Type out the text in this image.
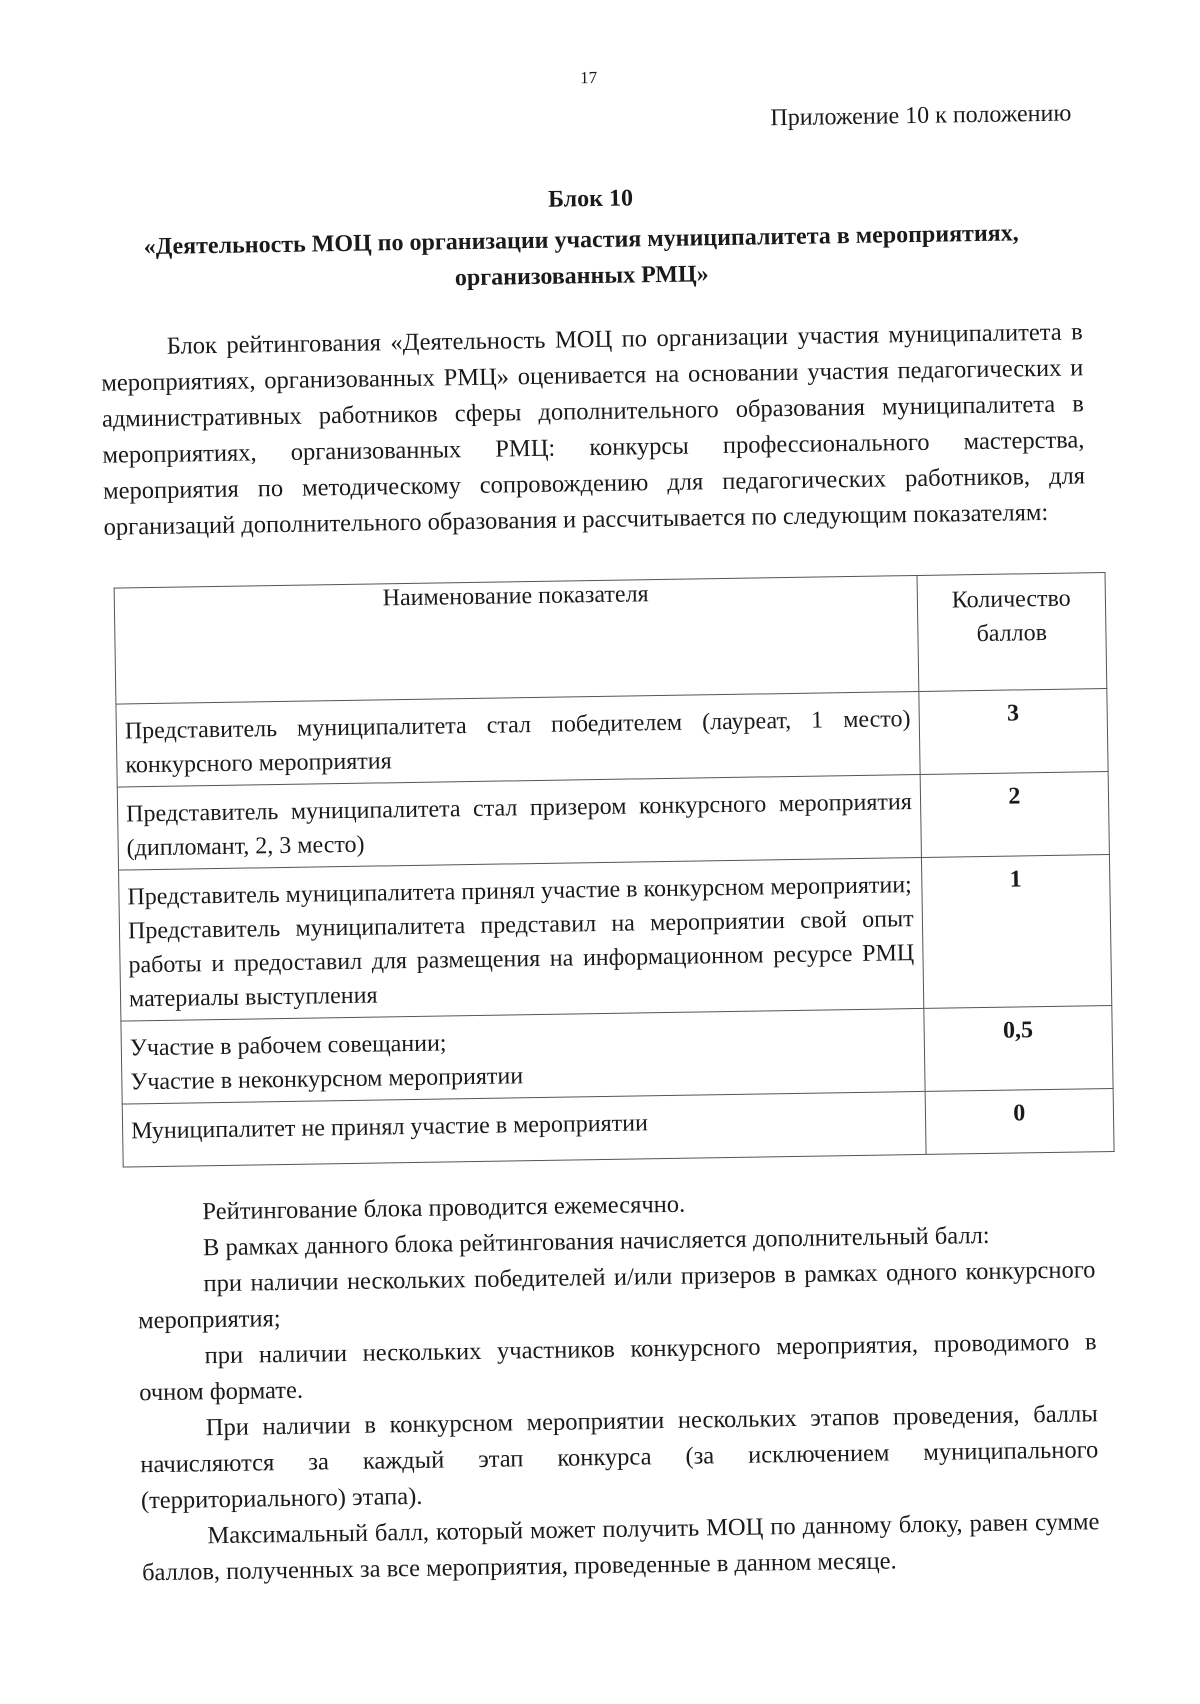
17
Приложение 10 к положению
Блок 10
«Деятельность МОЦ по организации участия муниципалитета в мероприятиях, организованных РМЦ»

Блок рейтингования «Деятельность МОЦ по организации участия муниципалитета в мероприятиях, организованных РМЦ» оценивается на основании участия педагогических и административных работников сферы дополнительного образования муниципалитета в мероприятиях, организованных РМЦ: конкурсы профессионального мастерства, мероприятия по методическому сопровождению для педагогических работников, для организаций дополнительного образования и рассчитывается по следующим показателям:

Наименование показателя	Количество баллов

Представитель муниципалитета стал победителем (лауреат, 1 место) конкурсного мероприятия	3

Представитель муниципалитета стал призером конкурсного мероприятия (дипломант, 2, 3 место)	2

Представитель муниципалитета принял участие в конкурсном мероприятии;
Представитель муниципалитета представил на мероприятии свой опыт работы и предоставил для размещения на информационном ресурсе РМЦ материалы выступления	1

Участие в рабочем совещании;
Участие в неконкурсном мероприятии	0,5

Муниципалитет не принял участие в мероприятии	0

Рейтингование блока проводится ежемесячно.

В рамках данного блока рейтингования начисляется дополнительный балл:

при наличии нескольких победителей и/или призеров в рамках одного конкурсного мероприятия;

при наличии нескольких участников конкурсного мероприятия, проводимого в очном формате.

При наличии в конкурсном мероприятии нескольких этапов проведения, баллы начисляются за каждый этап конкурса (за исключением муниципального (территориального) этапа).

Максимальный балл, который может получить МОЦ по данному блоку, равен сумме баллов, полученных за все мероприятия, проведенные в данном месяце.
